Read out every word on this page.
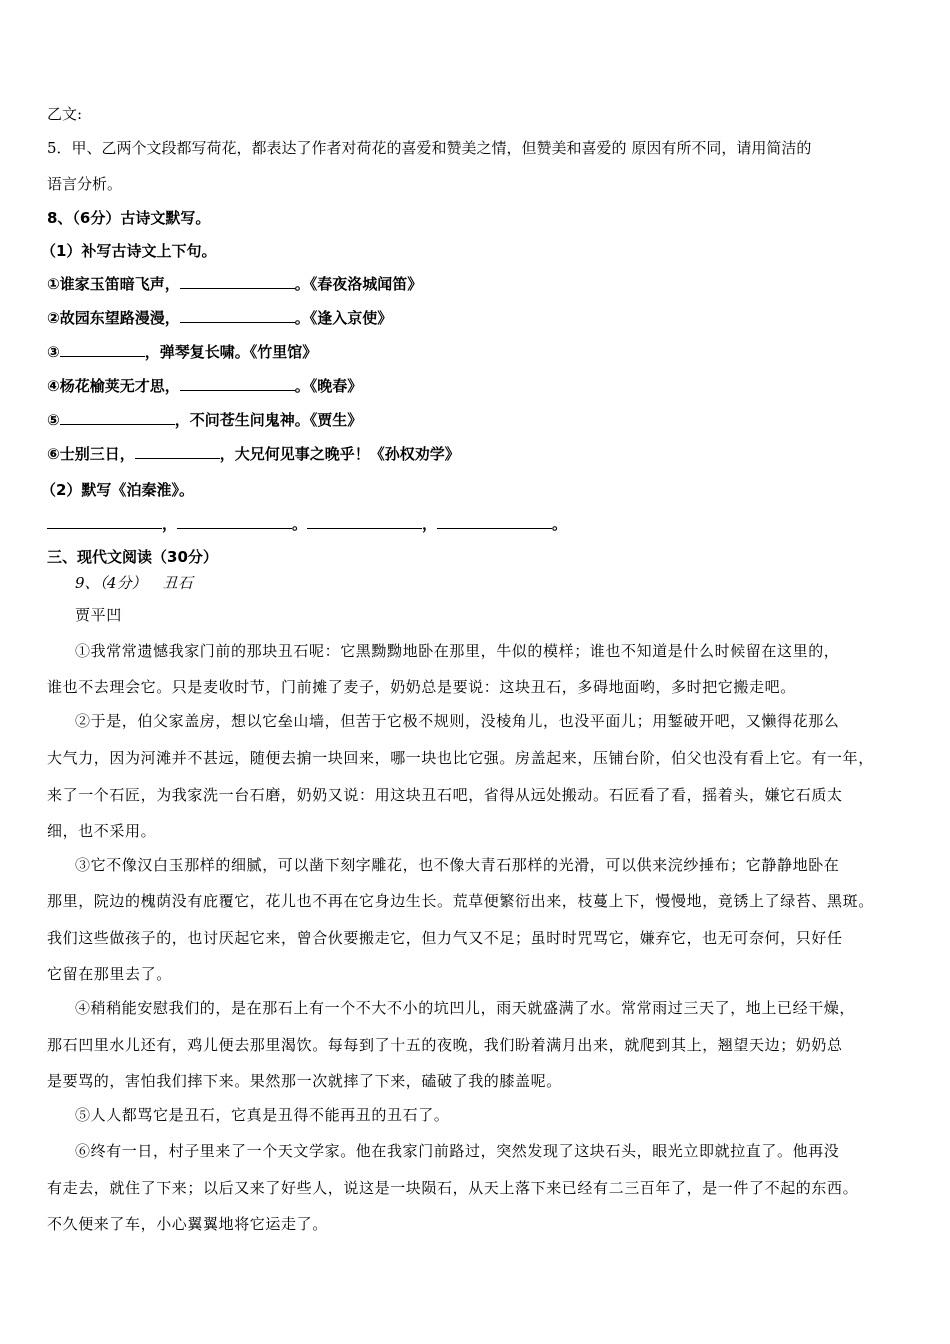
乙文:
5．甲、乙两个文段都写荷花，都表达了作者对荷花的喜爱和赞美之情，但赞美和喜爱的 原因有所不同，请用简洁的
语言分析。
8、（6分）古诗文默写。
（1）补写古诗文上下句。
①谁家玉笛暗飞声，	。《春夜洛城闻笛》
②故园东望路漫漫，	。《逢入京使》
③	，弹琴复长啸。《竹里馆》
④杨花榆荚无才思，	。《晚春》
⑤	，不问苍生问鬼神。《贾生》
⑥士别三日，	，大兄何见事之晚乎！《孙权劝学》
（2）默写《泊秦淮》。
，	。	，	。
三、现代文阅读（30分）
9、（4分） 丑石
贾平凹
①我常常遗憾我家门前的那块丑石呢：它黑黝黝地卧在那里，牛似的模样；谁也不知道是什么时候留在这里的，
谁也不去理会它。只是麦收时节，门前摊了麦子，奶奶总是要说：这块丑石，多碍地面哟，多时把它搬走吧。
②于是，伯父家盖房，想以它垒山墙，但苦于它极不规则，没棱角儿，也没平面儿；用錾破开吧，又懒得花那么
大气力，因为河滩并不甚远，随便去掮一块回来，哪一块也比它强。房盖起来，压铺台阶，伯父也没有看上它。有一年，
来了一个石匠，为我家洗一台石磨，奶奶又说：用这块丑石吧，省得从远处搬动。石匠看了看，摇着头，嫌它石质太
细，也不采用。
③它不像汉白玉那样的细腻，可以凿下刻字雕花，也不像大青石那样的光滑，可以供来浣纱捶布；它静静地卧在
那里，院边的槐荫没有庇覆它，花儿也不再在它身边生长。荒草便繁衍出来，枝蔓上下，慢慢地，竟锈上了绿苔、黑斑。
我们这些做孩子的，也讨厌起它来，曾合伙要搬走它，但力气又不足；虽时时咒骂它，嫌弃它，也无可奈何，只好任
它留在那里去了。
④稍稍能安慰我们的，是在那石上有一个不大不小的坑凹儿，雨天就盛满了水。常常雨过三天了，地上已经干燥，
那石凹里水儿还有，鸡儿便去那里渴饮。每每到了十五的夜晚，我们盼着满月出来，就爬到其上，翘望天边；奶奶总
是要骂的，害怕我们摔下来。果然那一次就摔了下来，磕破了我的膝盖呢。
⑤人人都骂它是丑石，它真是丑得不能再丑的丑石了。
⑥终有一日，村子里来了一个天文学家。他在我家门前路过，突然发现了这块石头，眼光立即就拉直了。他再没
有走去，就住了下来；以后又来了好些人，说这是一块陨石，从天上落下来已经有二三百年了，是一件了不起的东西。
不久便来了车，小心翼翼地将它运走了。
